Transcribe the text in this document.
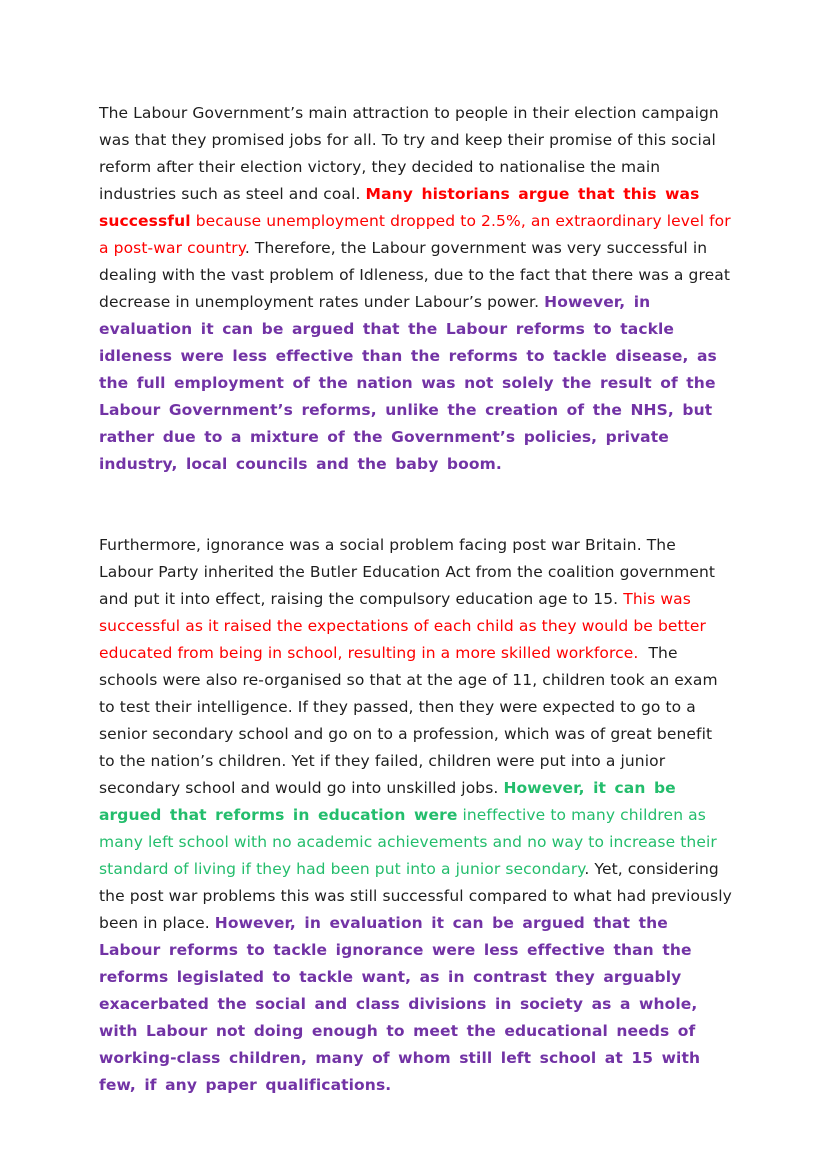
The Labour Government’s main attraction to people in their election campaign was that they promised jobs for all. To try and keep their promise of this social reform after their election victory, they decided to nationalise the main industries such as steel and coal. Many historians argue that this was successful because unemployment dropped to 2.5%, an extraordinary level for a post-war country. Therefore, the Labour government was very successful in dealing with the vast problem of Idleness, due to the fact that there was a great decrease in unemployment rates under Labour’s power. However, in evaluation it can be argued that the Labour reforms to tackle idleness were less effective than the reforms to tackle disease, as the full employment of the nation was not solely the result of the Labour Government’s reforms, unlike the creation of the NHS, but rather due to a mixture of the Government’s policies, private industry, local councils and the baby boom.

Furthermore, ignorance was a social problem facing post war Britain. The Labour Party inherited the Butler Education Act from the coalition government and put it into effect, raising the compulsory education age to 15. This was successful as it raised the expectations of each child as they would be better educated from being in school, resulting in a more skilled workforce.  The schools were also re-organised so that at the age of 11, children took an exam to test their intelligence. If they passed, then they were expected to go to a senior secondary school and go on to a profession, which was of great benefit to the nation’s children. Yet if they failed, children were put into a junior secondary school and would go into unskilled jobs. However, it can be argued that reforms in education were ineffective to many children as many left school with no academic achievements and no way to increase their standard of living if they had been put into a junior secondary. Yet, considering the post war problems this was still successful compared to what had previously been in place. However, in evaluation it can be argued that the Labour reforms to tackle ignorance were less effective than the reforms legislated to tackle want, as in contrast they arguably exacerbated the social and class divisions in society as a whole, with Labour not doing enough to meet the educational needs of working-class children, many of whom still left school at 15 with few, if any paper qualifications.
